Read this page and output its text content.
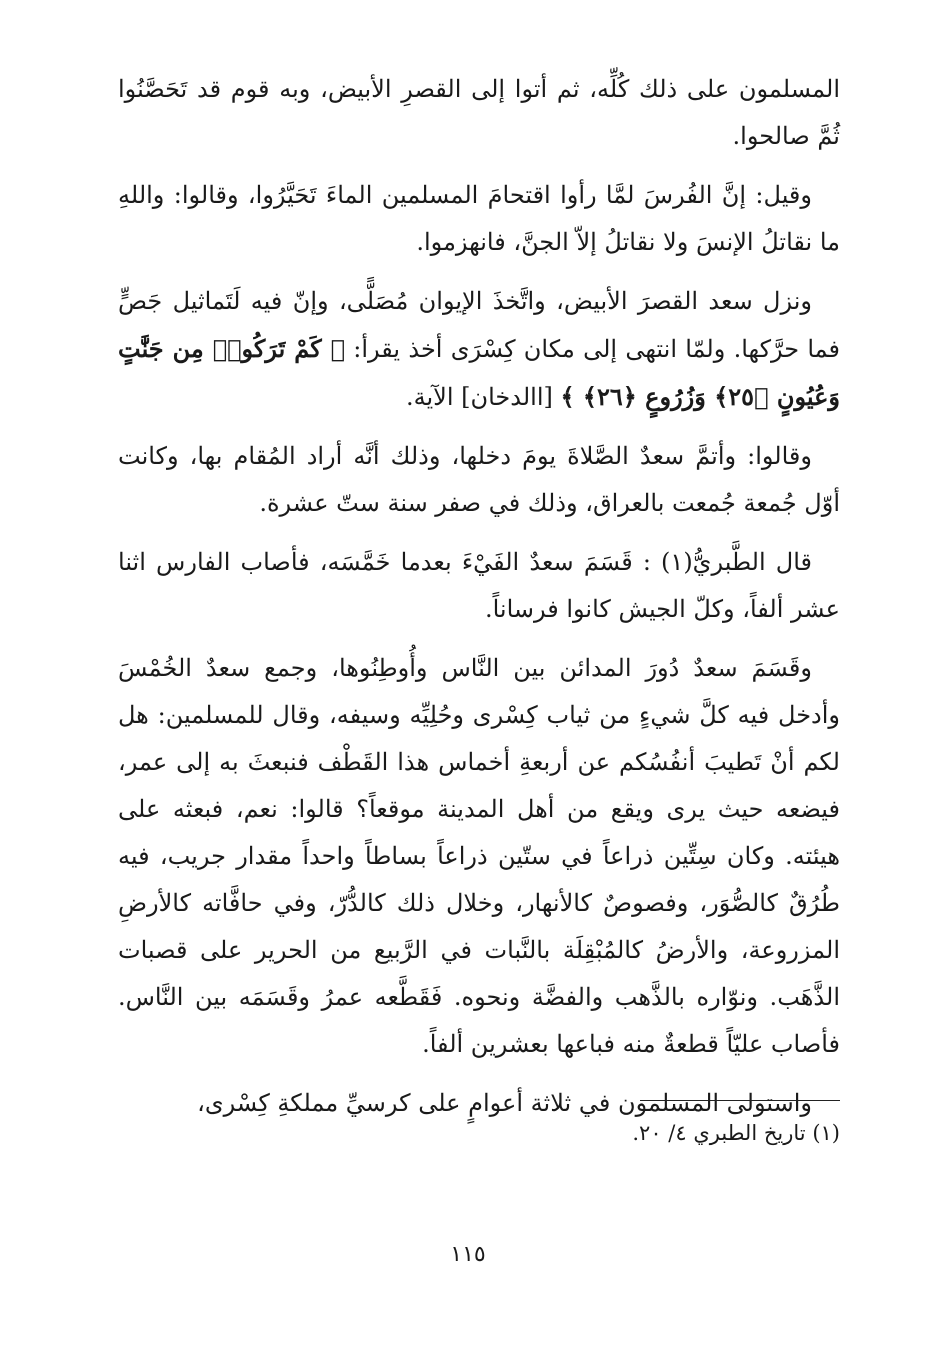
المسلمون على ذلك كُلِّه، ثم أتوا إلى القصرِ الأبيض، وبه قوم قد تَحَصَّنُوا ثُمَّ صالحوا.

وقيل: إنَّ الفُرسَ لمَّا رأوا اقتحامَ المسلمين الماءَ تَحَيَّرُوا، وقالوا: واللهِ ما نقاتلُ الإنسَ ولا نقاتلُ إلاّ الجنَّ، فانهزموا.

ونزل سعد القصرَ الأبيض، واتَّخذَ الإيوان مُصَلًّى، وإنّ فيه لَتَماثيل جَصٍّ فما حرَّكها. ولمّا انتهى إلى مكان كِسْرَى أخذ يقرأ: ﴿ كَمْ تَرَكُوا۟ مِن جَنَّٰتٍ وَعُيُونٍ ﴿٢٥﴾ وَزُرُوعٍ ﴿٢٦﴾ ﴾ [االدخان] الآية.

وقالوا: وأتمَّ سعدٌ الصَّلاةَ يومَ دخلها، وذلك أنَّه أراد المُقام بها، وكانت أوّل جُمعة جُمعت بالعراق، وذلك في صفر سنة ستّ عشرة.

قال الطَّبريُّ(١) : قَسَمَ سعدٌ الفَيْءَ بعدما خَمَّسَه، فأصاب الفارس اثنا عشر ألفاً، وكلّ الجيش كانوا فرساناً.

وقَسَمَ سعدٌ دُورَ المدائن بين النَّاس وأُوطِنُوها، وجمع سعدٌ الخُمْسَ وأدخل فيه كلَّ شيءٍ من ثياب كِسْرى وحُلِيِّه وسيفه، وقال للمسلمين: هل لكم أنْ تَطيبَ أنفُسُكم عن أربعةِ أخماس هذا القَطْف فنبعثَ به إلى عمر، فيضعه حيث يرى ويقع من أهل المدينة موقعاً؟ قالوا: نعم، فبعثه على هيئته. وكان سِتِّين ذراعاً في ستّين ذراعاً بساطاً واحداً مقدار جريب، فيه طُرُقٌ كالصُّوَر، وفصوصٌ كالأنهار، وخلال ذلك كالدُّرّ، وفي حافَّاته كالأرضِ المزروعة، والأرضُ كالمُبْقِلَة بالنَّبات في الرَّبيع من الحرير على قصبات الذَّهَب. ونوّاره بالذَّهب والفضَّة ونحوه. فَقَطَّعه عمرُ وقَسَمَه بين النَّاس. فأصاب عليّاً قطعةٌ منه فباعها بعشرين ألفاً.

واستولى المسلمون في ثلاثة أعوامٍ على كرسيِّ مملكةِ كِسْرى،

(١) تاريخ الطبري ٤/ ٢٠.
١١٥
